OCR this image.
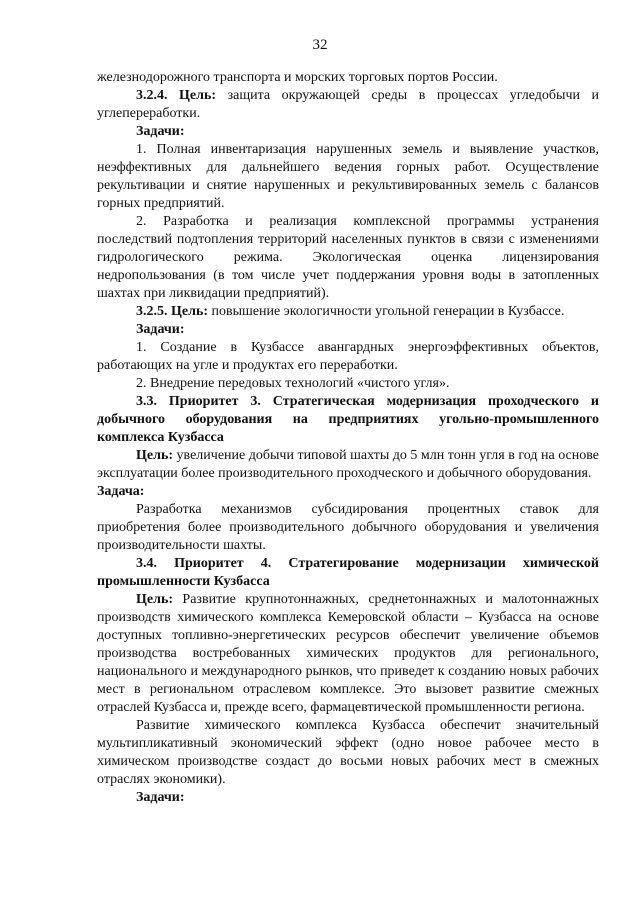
32

железнодорожного транспорта и морских торговых портов России.

3.2.4. Цель: защита окружающей среды в процессах угледобычи и углепереработки.

Задачи:

1. Полная инвентаризация нарушенных земель и выявление участков, неэффективных для дальнейшего ведения горных работ. Осуществление рекультивации и снятие нарушенных и рекультивированных земель с балансов горных предприятий.

2. Разработка и реализация комплексной программы устранения последствий подтопления территорий населенных пунктов в связи с изменениями гидрологического режима. Экологическая оценка лицензирования недропользования (в том числе учет поддержания уровня воды в затопленных шахтах при ликвидации предприятий).

3.2.5. Цель: повышение экологичности угольной генерации в Кузбассе.

Задачи:

1. Создание в Кузбассе авангардных энергоэффективных объектов, работающих на угле и продуктах его переработки.

2. Внедрение передовых технологий «чистого угля».

3.3. Приоритет 3. Стратегическая модернизация проходческого и добычного оборудования на предприятиях угольно-промышленного комплекса Кузбасса

Цель: увеличение добычи типовой шахты до 5 млн тонн угля в год на основе эксплуатации более производительного проходческого и добычного оборудования.

Задача:

Разработка механизмов субсидирования процентных ставок для приобретения более производительного добычного оборудования и увеличения производительности шахты.

3.4. Приоритет 4. Стратегирование модернизации химической промышленности Кузбасса

Цель: Развитие крупнотоннажных, среднетоннажных и малотоннажных производств химического комплекса Кемеровской области – Кузбасса на основе доступных топливно-энергетических ресурсов обеспечит увеличение объемов производства востребованных химических продуктов для регионального, национального и международного рынков, что приведет к созданию новых рабочих мест в региональном отраслевом комплексе. Это вызовет развитие смежных отраслей Кузбасса и, прежде всего, фармацевтической промышленности региона.

Развитие химического комплекса Кузбасса обеспечит значительный мультипликативный экономический эффект (одно новое рабочее место в химическом производстве создаст до восьми новых рабочих мест в смежных отраслях экономики).

Задачи:
